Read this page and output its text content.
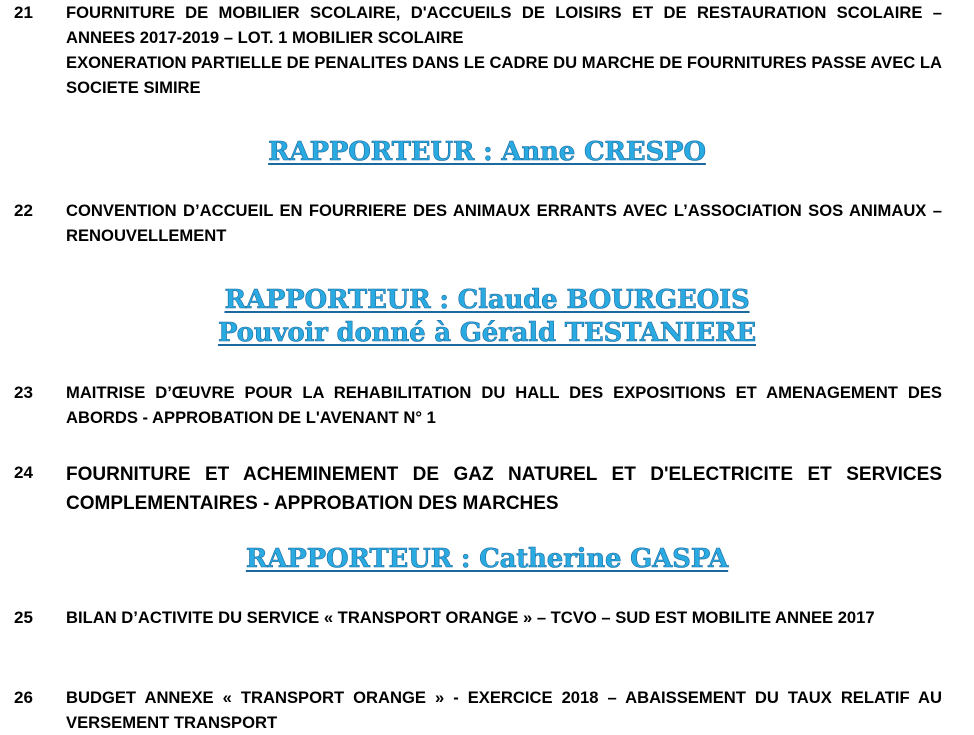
21 FOURNITURE DE MOBILIER SCOLAIRE, D'ACCUEILS DE LOISIRS ET DE RESTAURATION SCOLAIRE – ANNEES 2017-2019 – LOT. 1 MOBILIER SCOLAIRE

EXONERATION PARTIELLE DE PENALITES DANS LE CADRE DU MARCHE DE FOURNITURES PASSE AVEC LA SOCIETE SIMIRE

RAPPORTEUR : Anne CRESPO
22 CONVENTION D’ACCUEIL EN FOURRIERE DES ANIMAUX ERRANTS AVEC L’ASSOCIATION SOS ANIMAUX – RENOUVELLEMENT

RAPPORTEUR : Claude BOURGEOIS
Pouvoir donné à Gérald TESTANIERE
23 MAITRISE D’ŒUVRE POUR LA REHABILITATION DU HALL DES EXPOSITIONS ET AMENAGEMENT DES ABORDS - APPROBATION DE L'AVENANT N° 1

24 FOURNITURE ET ACHEMINEMENT DE GAZ NATUREL ET D'ELECTRICITE ET SERVICES COMPLEMENTAIRES - APPROBATION DES MARCHES

RAPPORTEUR : Catherine GASPA
25 BILAN D’ACTIVITE DU SERVICE « TRANSPORT ORANGE » – TCVO – SUD EST MOBILITE ANNEE 2017

26 BUDGET ANNEXE « TRANSPORT ORANGE » - EXERCICE 2018 – ABAISSEMENT DU TAUX RELATIF AU VERSEMENT TRANSPORT
